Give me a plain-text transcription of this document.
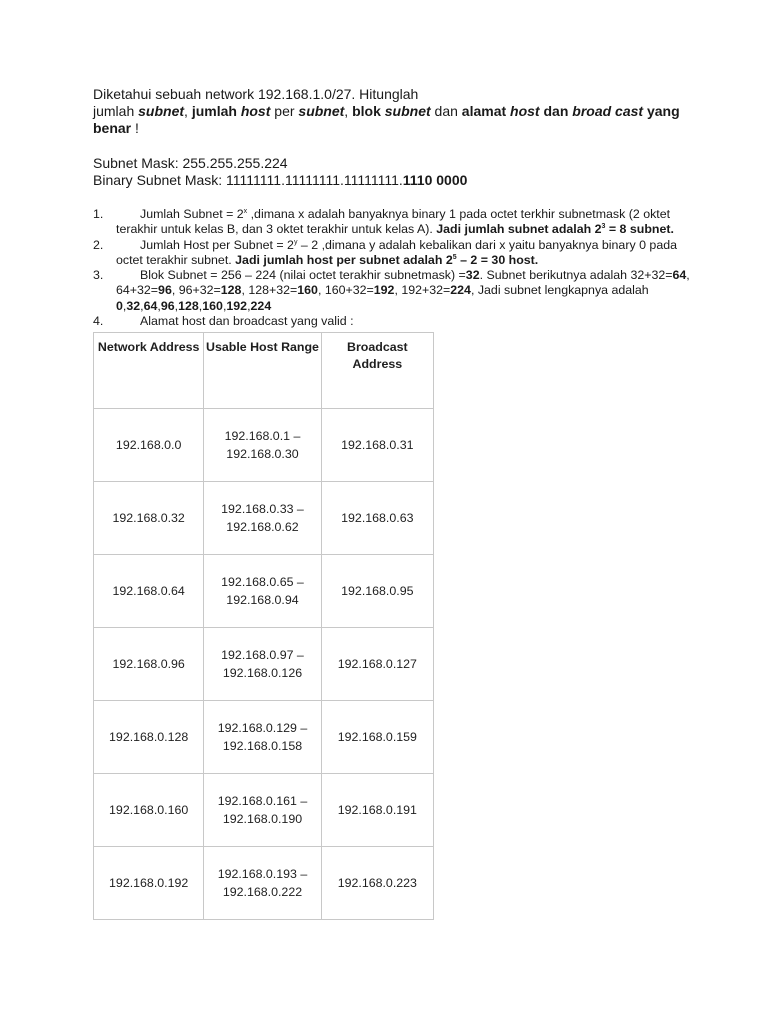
Diketahui sebuah network 192.168.1.0/27. Hitunglah
jumlah subnet, jumlah host per subnet, blok subnet dan alamat host dan broad cast yang benar !

Subnet Mask: 255.255.255.224
Binary Subnet Mask: 11111111.11111111.11111111.1110 0000
1.	Jumlah Subnet = $2^x$ ,dimana x adalah banyaknya binary 1 pada octet terkhir subnetmask (2 oktet terakhir untuk kelas B, dan 3 oktet terakhir untuk kelas A). Jadi jumlah subnet adalah $2^3 = 8$ subnet.
2.	Jumlah Host per Subnet = $2^y - 2$ ,dimana y adalah kebalikan dari x yaitu banyaknya binary 0 pada octet terakhir subnet. Jadi jumlah host per subnet adalah $2^5 - 2 = 30$ host.
3.	Blok Subnet = 256 – 224 (nilai octet terakhir subnetmask) =32. Subnet berikutnya adalah 32+32=64, 64+32=96, 96+32=128, 128+32=160, 160+32=192, 192+32=224, Jadi subnet lengkapnya adalah 0,32,64,96,128,160,192,224
4.	Alamat host dan broadcast yang valid :
Network Address	Usable Host Range	Broadcast Address
192.168.0.0	192.168.0.1 – 192.168.0.30	192.168.0.31
192.168.0.32	192.168.0.33 – 192.168.0.62	192.168.0.63
192.168.0.64	192.168.0.65 – 192.168.0.94	192.168.0.95
192.168.0.96	192.168.0.97 – 192.168.0.126	192.168.0.127
192.168.0.128	192.168.0.129 – 192.168.0.158	192.168.0.159
192.168.0.160	192.168.0.161 – 192.168.0.190	192.168.0.191
192.168.0.192	192.168.0.193 – 192.168.0.222	192.168.0.223
